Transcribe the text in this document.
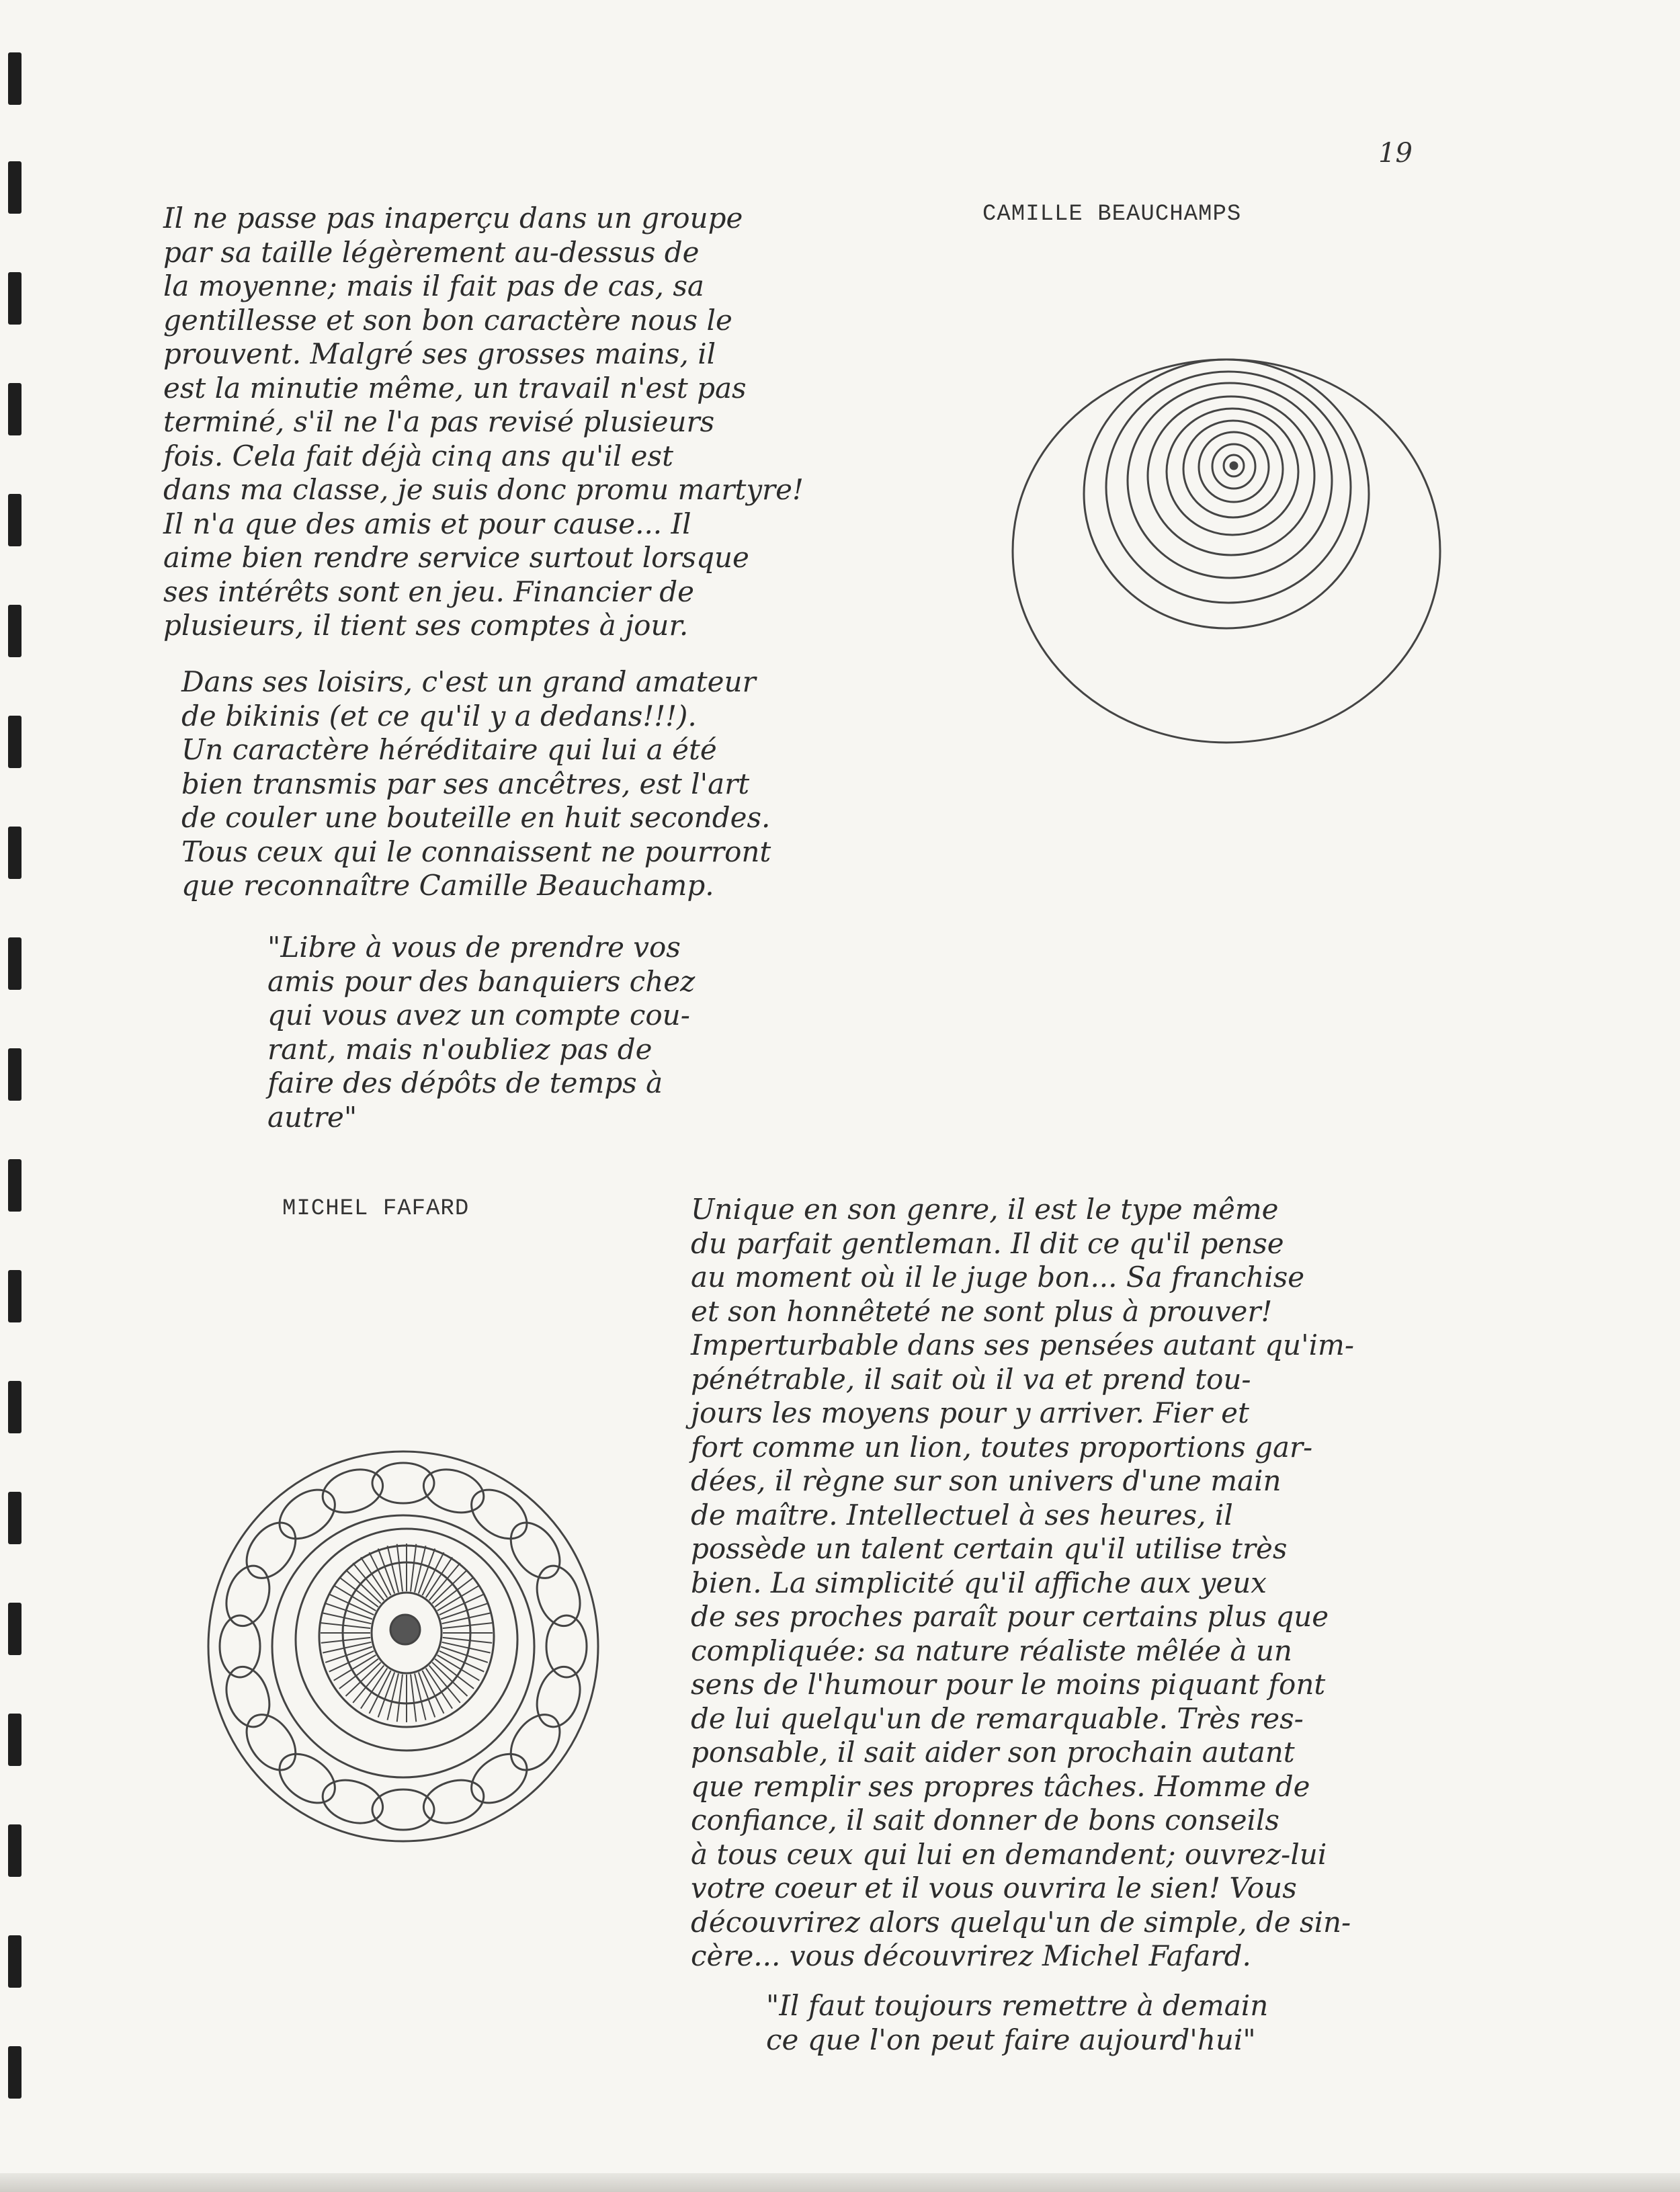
19
CAMILLE BEAUCHAMPS

Il ne passe pas inaperçu dans un groupe
par sa taille légèrement au-dessus de
la moyenne; mais il fait pas de cas, sa
gentillesse et son bon caractère nous le
prouvent. Malgré ses grosses mains, il
est la minutie même, un travail n'est pas
terminé, s'il ne l'a pas revisé plusieurs
fois. Cela fait déjà cinq ans qu'il est
dans ma classe, je suis donc promu martyre!
Il n'a que des amis et pour cause... Il
aime bien rendre service surtout lorsque
ses intérêts sont en jeu. Financier de
plusieurs, il tient ses comptes à jour.

Dans ses loisirs, c'est un grand amateur
de bikinis (et ce qu'il y a dedans!!!).
Un caractère héréditaire qui lui a été
bien transmis par ses ancêtres, est l'art
de couler une bouteille en huit secondes.
Tous ceux qui le connaissent ne pourront
que reconnaître Camille Beauchamp.

"Libre à vous de prendre vos
amis pour des banquiers chez
qui vous avez un compte cou-
rant, mais n'oubliez pas de
faire des dépôts de temps à
autre"

MICHEL FAFARD	Unique en son genre, il est le type même
du parfait gentleman. Il dit ce qu'il pense
au moment où il le juge bon... Sa franchise
et son honnêteté ne sont plus à prouver!
Imperturbable dans ses pensées autant qu'im-
pénétrable, il sait où il va et prend tou-
jours les moyens pour y arriver. Fier et
fort comme un lion, toutes proportions gar-
dées, il règne sur son univers d'une main
de maître. Intellectuel à ses heures, il
possède un talent certain qu'il utilise très
bien. La simplicité qu'il affiche aux yeux
de ses proches paraît pour certains plus que
compliquée: sa nature réaliste mêlée à un
sens de l'humour pour le moins piquant font
de lui quelqu'un de remarquable. Très res-
ponsable, il sait aider son prochain autant
que remplir ses propres tâches. Homme de
confiance, il sait donner de bons conseils
à tous ceux qui lui en demandent; ouvrez-lui
votre coeur et il vous ouvrira le sien! Vous
découvrirez alors quelqu'un de simple, de sin-
cère... vous découvrirez Michel Fafard.

"Il faut toujours remettre à demain
ce que l'on peut faire aujourd'hui"
